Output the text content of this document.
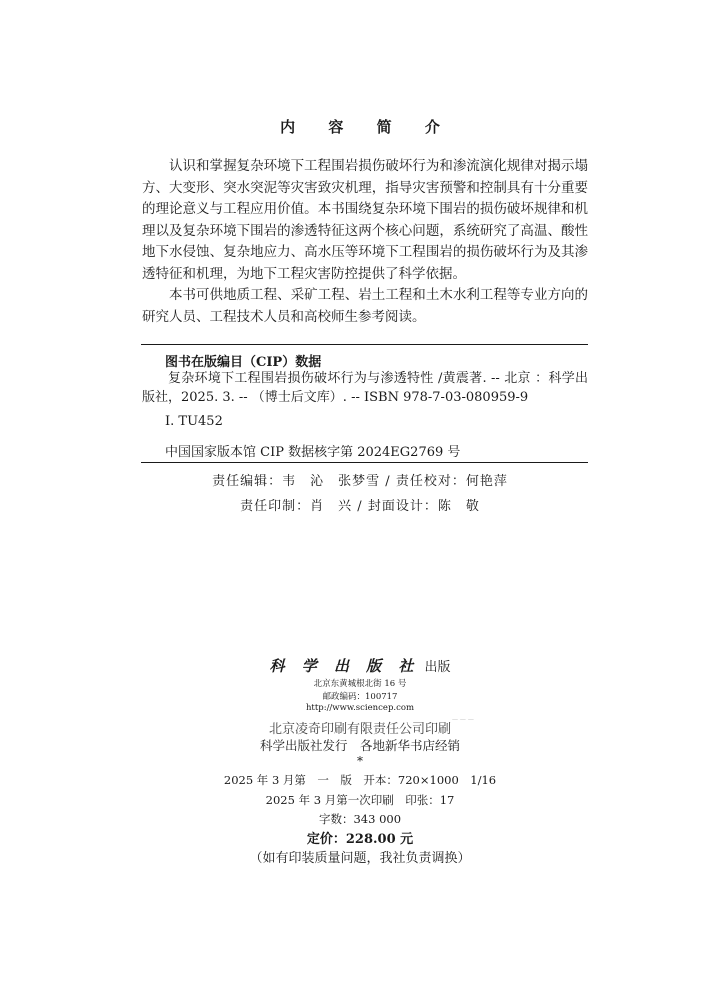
内 容 简 介

认识和掌握复杂环境下工程围岩损伤破坏行为和渗流演化规律对揭示塌方、大变形、突水突泥等灾害致灾机理，指导灾害预警和控制具有十分重要的理论意义与工程应用价值。本书围绕复杂环境下围岩的损伤破坏规律和机理以及复杂环境下围岩的渗透特征这两个核心问题，系统研究了高温、酸性地下水侵蚀、复杂地应力、高水压等环境下工程围岩的损伤破坏行为及其渗透特征和机理，为地下工程灾害防控提供了科学依据。

本书可供地质工程、采矿工程、岩土工程和土木水利工程等专业方向的研究人员、工程技术人员和高校师生参考阅读。

图书在版编目（CIP）数据

复杂环境下工程围岩损伤破坏行为与渗透特性 /黄震著. -- 北京 ：科学出版社，2025. 3. -- （博士后文库）. -- ISBN 978-7-03-080959-9

Ⅰ. TU452
中国国家版本馆 CIP 数据核字第 2024EG2769 号
责任编辑：韦　沁　张梦雪 / 责任校对：何艳萍
责任印制：肖　兴 / 封面设计：陈　敬
科 学 出 版 社 出版
北京东黄城根北街 16 号
邮政编码：100717
http://www.sciencep.com
北京凌奇印刷有限责任公司印刷
— — —
科学出版社发行　各地新华书店经销
*
2025 年 3 月第　一　版　开本：720×1000　1/16
2025 年 3 月第一次印刷　印张：17
字数：343 000
定价：228.00 元
（如有印装质量问题，我社负责调换）
